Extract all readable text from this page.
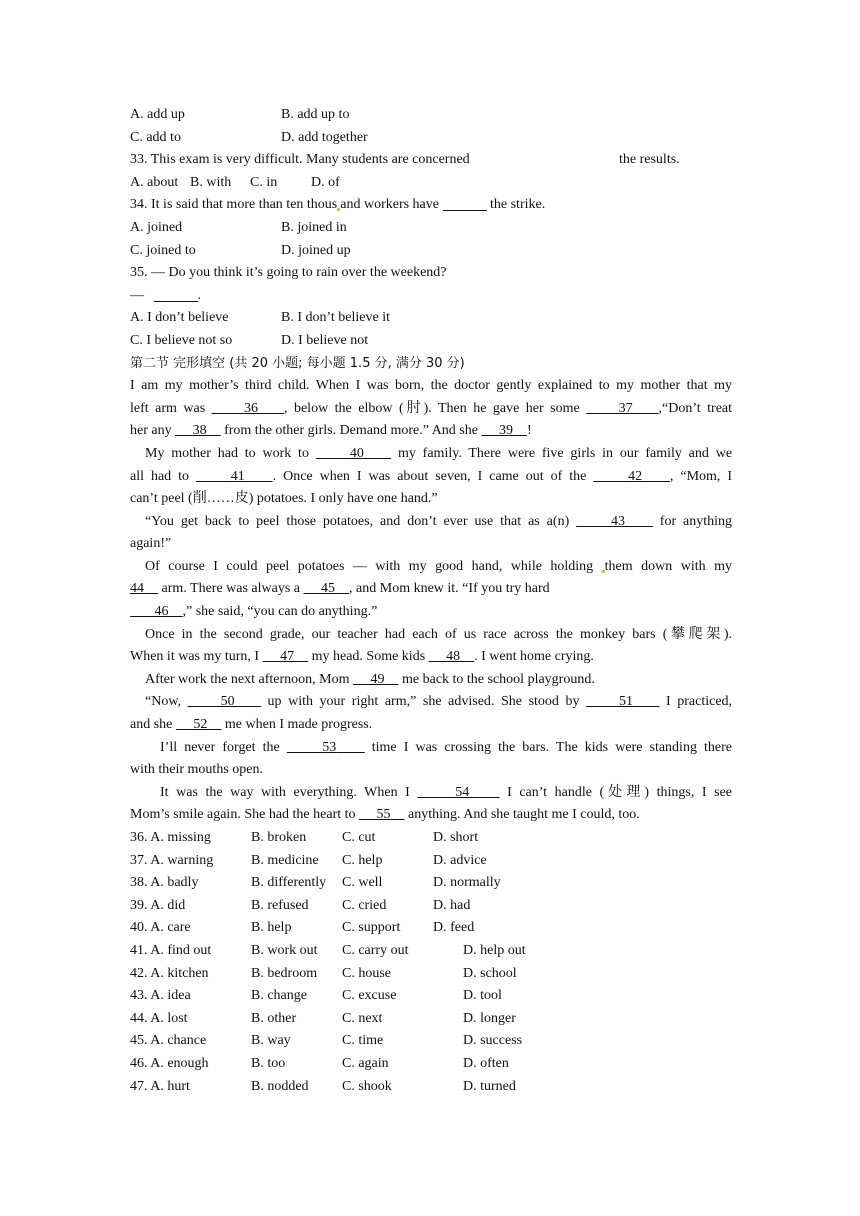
A. add up	B. add up to
C. add to	D. add together
33. This exam is very difficult. Many students are concerned	the results.
A. about B. with C. in D. of
34. It is said that more than ten thous and workers have	the strike.
A. joined	B. joined in
C. joined to	D. joined up
35. — Do you think it’s going to rain over the weekend?
—	.
A. I don’t believe	B. I don’t believe it
C. I believe not so	D. I believe not
第二节 完形填空 (共 20 小题; 每小题 1.5 分, 满分 30 分)
I am my mother’s third child. When I was born, the doctor gently explained to my mother that my
left arm was	36 , below the elbow (肘). Then he gave her some	37 ,“Don’t treat
her any 38 from the other girls. Demand more.” And she 39 !
My mother had to work to	40 my family. There were five girls in our family and we
all had to	41 . Once when I was about seven, I came out of the	42 , “Mom, I
can’t peel (削……皮) potatoes. I only have one hand.”
“You get back to peel those potatoes, and don’t ever use that as a(n)	43 for anything
again!”
Of course I could peel potatoes — with my good hand, while holding them down with my
44 arm. There was always a 45 , and Mom knew it. “If you try hard
46 ,” she said, “you can do anything.”
Once in the second grade, our teacher had each of us race across the monkey bars (攀爬架).
When it was my turn, I 47 my head. Some kids 48 . I went home crying.
After work the next afternoon, Mom 49 me back to the school playground.
“Now,	50 up with your right arm,” she advised. She stood by	51 I practiced,
and she 52 me when I made progress.
I’ll never forget the	53	time I was crossing the bars. The kids were standing there
with their mouths open.
It was the way with everything. When I	54	I can’t handle (处理) things, I see
Mom’s smile again. She had the heart to 55 anything. And she taught me I could, too.
36. A. missing	B. broken	C. cut	D. short
37. A. warning	B. medicine C. help	D. advice
38. A. badly	B. differently C. well	D. normally
39. A. did	B. refused C. cried	D. had
40. A. care	B. help	C. support D. feed
41. A. find out	B. work out C. carry out	D. help out
42. A. kitchen	B. bedroom C. house	D. school
43. A. idea	B. change	C. excuse	D. tool
44. A. lost	B. other	C. next	D. longer
45. A. chance	B. way	C. time	D. success
46. A. enough	B. too	C. again	D. often
47. A. hurt	B. nodded C. shook	D. turned
